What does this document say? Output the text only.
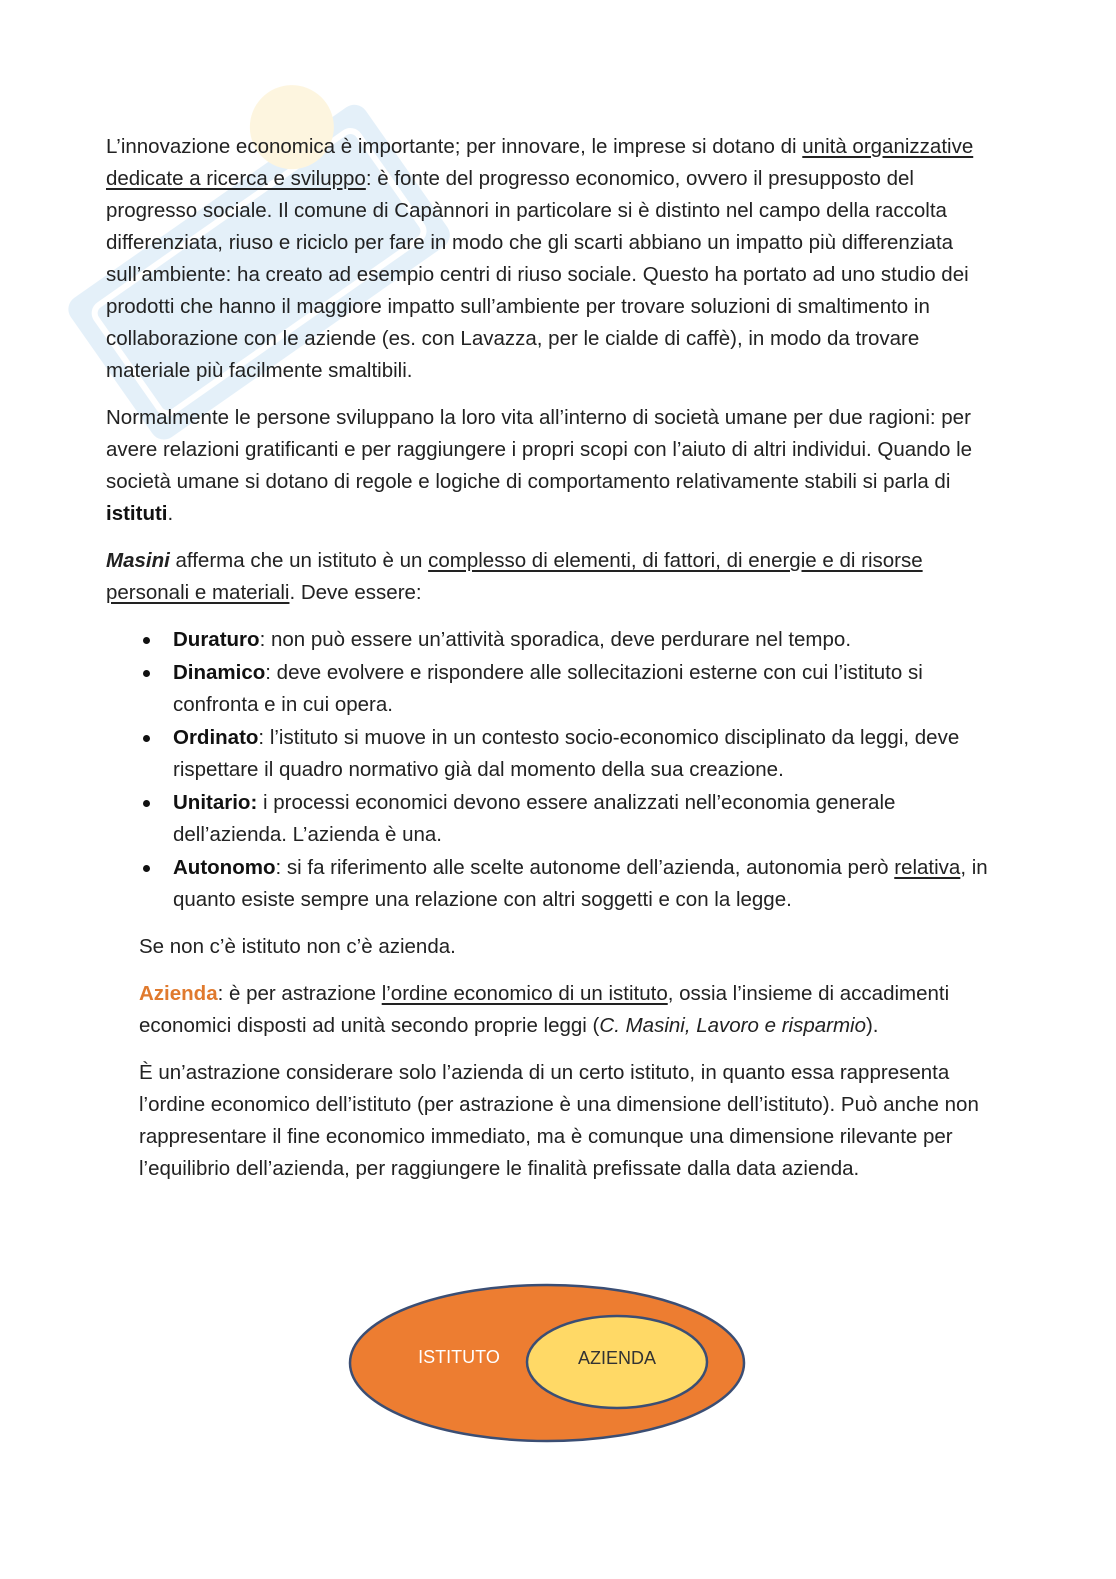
L’innovazione economica è importante; per innovare, le imprese si dotano di unità organizzative dedicate a ricerca e sviluppo: è fonte del progresso economico, ovvero il presupposto del progresso sociale. Il comune di Capànnori in particolare si è distinto nel campo della raccolta differenziata, riuso e riciclo per fare in modo che gli scarti abbiano un impatto più differenziata sull’ambiente: ha creato ad esempio centri di riuso sociale. Questo ha portato ad uno studio dei prodotti che hanno il maggiore impatto sull’ambiente per trovare soluzioni di smaltimento in collaborazione con le aziende (es. con Lavazza, per le cialde di caffè), in modo da trovare materiale più facilmente smaltibili.

Normalmente le persone sviluppano la loro vita all’interno di società umane per due ragioni: per avere relazioni gratificanti e per raggiungere i propri scopi con l’aiuto di altri individui. Quando le società umane si dotano di regole e logiche di comportamento relativamente stabili si parla di istituti.

Masini afferma che un istituto è un complesso di elementi, di fattori, di energie e di risorse personali e materiali. Deve essere:

Duraturo: non può essere un’attività sporadica, deve perdurare nel tempo.
Dinamico: deve evolvere e rispondere alle sollecitazioni esterne con cui l’istituto si confronta e in cui opera.
Ordinato: l’istituto si muove in un contesto socio-economico disciplinato da leggi, deve rispettare il quadro normativo già dal momento della sua creazione.
Unitario: i processi economici devono essere analizzati nell’economia generale dell’azienda. L’azienda è una.
Autonomo: si fa riferimento alle scelte autonome dell’azienda, autonomia però relativa, in quanto esiste sempre una relazione con altri soggetti e con la legge.

Se non c’è istituto non c’è azienda.

Azienda: è per astrazione l’ordine economico di un istituto, ossia l’insieme di accadimenti economici disposti ad unità secondo proprie leggi (C. Masini, Lavoro e risparmio).

È un’astrazione considerare solo l’azienda di un certo istituto, in quanto essa rappresenta l’ordine economico dell’istituto (per astrazione è una dimensione dell’istituto). Può anche non rappresentare il fine economico immediato, ma è comunque una dimensione rilevante per l’equilibrio dell’azienda, per raggiungere le finalità prefissate dalla data azienda.

ISTITUTO	AZIENDA
